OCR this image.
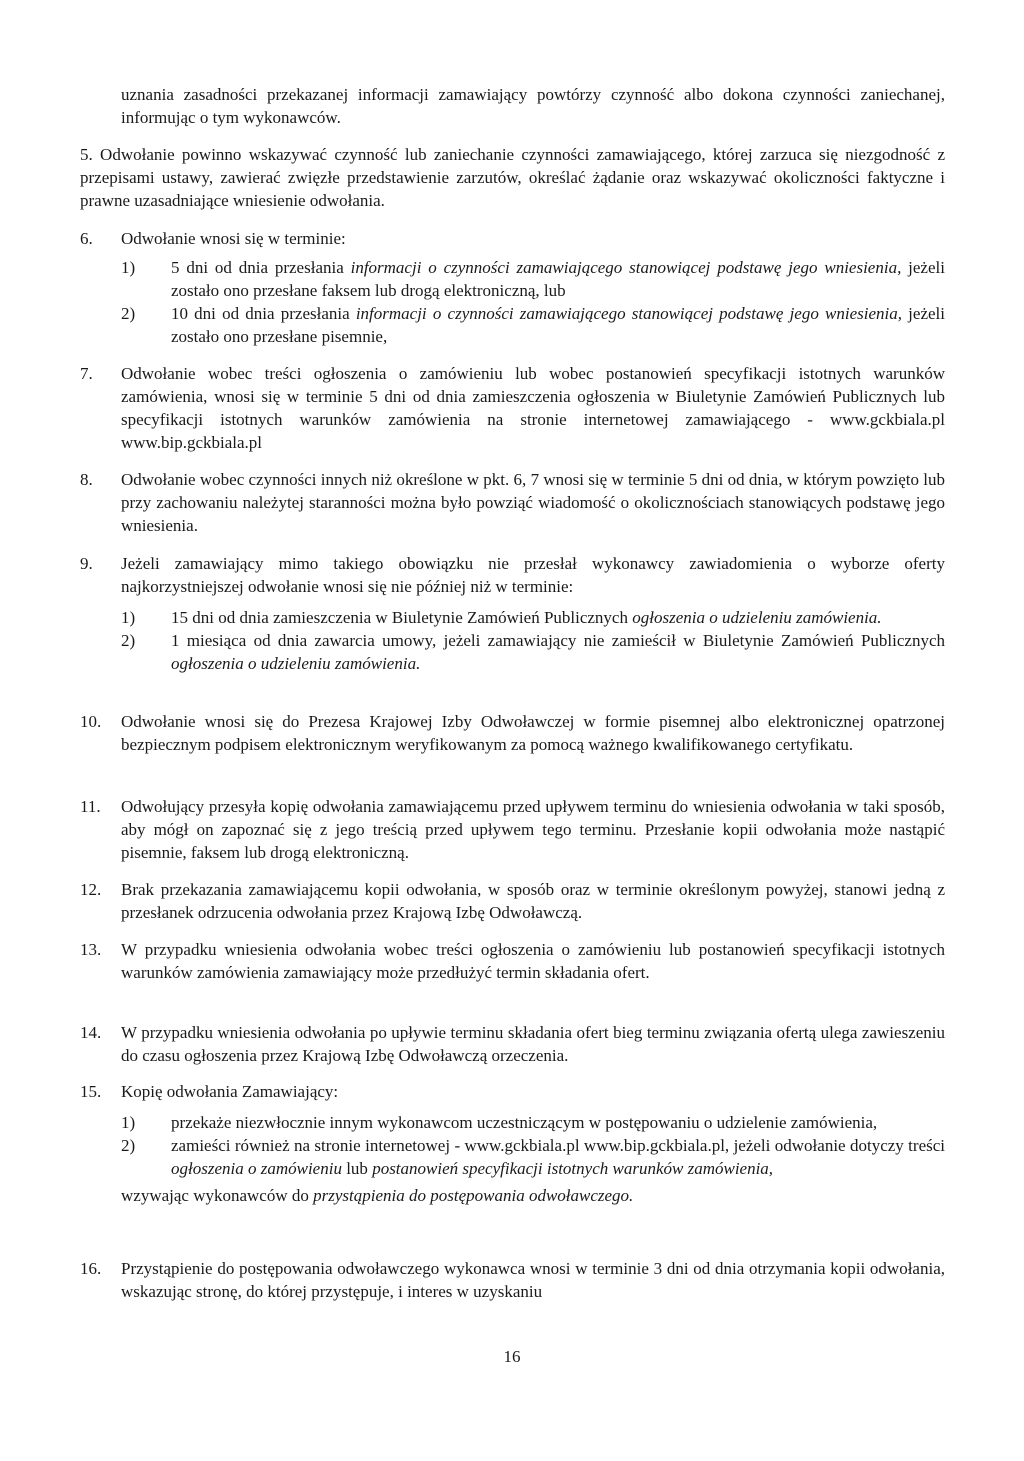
uznania zasadności przekazanej informacji zamawiający powtórzy czynność albo dokona czynności zaniechanej, informując o tym wykonawców.

5. Odwołanie powinno wskazywać czynność lub zaniechanie czynności zamawiającego, której zarzuca się niezgodność z przepisami ustawy, zawierać zwięzłe przedstawienie zarzutów, określać żądanie oraz wskazywać okoliczności faktyczne i prawne uzasadniające wniesienie odwołania.

6.	Odwołanie wnosi się w terminie:

1)	5 dni od dnia przesłania informacji o czynności zamawiającego stanowiącej podstawę jego wniesienia, jeżeli zostało ono przesłane faksem lub drogą elektroniczną, lub
2)	10 dni od dnia przesłania informacji o czynności zamawiającego stanowiącej podstawę jego wniesienia, jeżeli zostało ono przesłane pisemnie,
7.	Odwołanie wobec treści ogłoszenia o zamówieniu lub wobec postanowień specyfikacji istotnych warunków zamówienia, wnosi się w terminie 5 dni od dnia zamieszczenia ogłoszenia w Biuletynie Zamówień Publicznych lub specyfikacji istotnych warunków zamówienia na stronie internetowej zamawiającego - www.gckbiala.pl www.bip.gckbiala.pl
8.	Odwołanie wobec czynności innych niż określone w pkt. 6, 7 wnosi się w terminie 5 dni od dnia, w którym powzięto lub przy zachowaniu należytej staranności można było powziąć wiadomość o okolicznościach stanowiących podstawę jego wniesienia.
9.	Jeżeli zamawiający mimo takiego obowiązku nie przesłał wykonawcy zawiadomienia o wyborze oferty najkorzystniejszej odwołanie wnosi się nie później niż w terminie:

1)	15 dni od dnia zamieszczenia w Biuletynie Zamówień Publicznych ogłoszenia o udzieleniu zamówienia.
2)	1 miesiąca od dnia zawarcia umowy, jeżeli zamawiający nie zamieścił w Biuletynie Zamówień Publicznych ogłoszenia o udzieleniu zamówienia.
10.	Odwołanie wnosi się do Prezesa Krajowej Izby Odwoławczej w formie pisemnej albo elektronicznej opatrzonej bezpiecznym podpisem elektronicznym weryfikowanym za pomocą ważnego kwalifikowanego certyfikatu.
11.	Odwołujący przesyła kopię odwołania zamawiającemu przed upływem terminu do wniesienia odwołania w taki sposób, aby mógł on zapoznać się z jego treścią przed upływem tego terminu. Przesłanie kopii odwołania może nastąpić pisemnie, faksem lub drogą elektroniczną.
12.	Brak przekazania zamawiającemu kopii odwołania, w sposób oraz w terminie określonym powyżej, stanowi jedną z przesłanek odrzucenia odwołania przez Krajową Izbę Odwoławczą.
13.	W przypadku wniesienia odwołania wobec treści ogłoszenia o zamówieniu lub postanowień specyfikacji istotnych warunków zamówienia zamawiający może przedłużyć termin składania ofert.
14.	W przypadku wniesienia odwołania po upływie terminu składania ofert bieg terminu związania ofertą ulega zawieszeniu do czasu ogłoszenia przez Krajową Izbę Odwoławczą orzeczenia.
15.	Kopię odwołania Zamawiający:

1)	przekaże niezwłocznie innym wykonawcom uczestniczącym w postępowaniu o udzielenie zamówienia,
2)	zamieści również na stronie internetowej - www.gckbiala.pl www.bip.gckbiala.pl, jeżeli odwołanie dotyczy treści ogłoszenia o zamówieniu lub postanowień specyfikacji istotnych warunków zamówienia,

wzywając wykonawców do przystąpienia do postępowania odwoławczego.

16.	Przystąpienie do postępowania odwoławczego wykonawca wnosi w terminie 3 dni od dnia otrzymania kopii odwołania, wskazując stronę, do której przystępuje, i interes w uzyskaniu
16
